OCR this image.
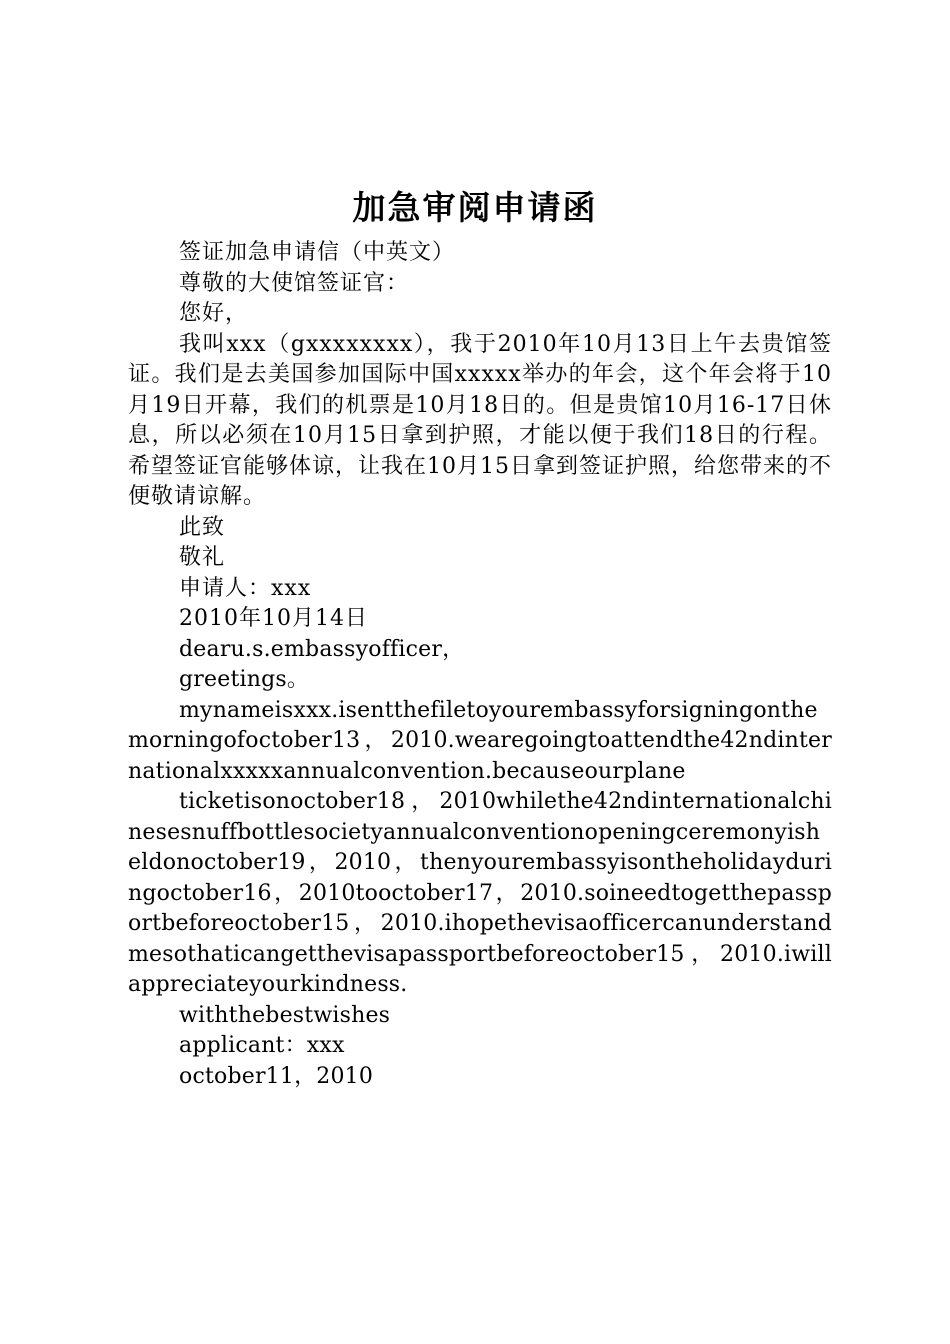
加急审阅申请函

签证加急申请信（中英文）

尊敬的大使馆签证官：

您好，

我叫xxx（gxxxxxxxx），我于2010年10月13日上午去贵馆签证。我们是去美国参加国际中国xxxxx举办的年会，这个年会将于10月19日开幕，我们的机票是10月18日的。但是贵馆10月16-17日休息，所以必须在10月15日拿到护照，才能以便于我们18日的行程。希望签证官能够体谅，让我在10月15日拿到签证护照，给您带来的不便敬请谅解。

此致

敬礼

申请人：xxx

2010年10月14日

dearu.s.embassyofficer，

greetings。

mynameisxxx.isentthefiletoyourembassyforsigningonthemorningofoctober13，2010.wearegoingtoattendthe42ndinternationalxxxxxannualconvention.becauseourplane

ticketisonoctober18，2010whilethe42ndinternationalchinesesnuffbottlesocietyannualconventionopeningceremonyisheldonoctober19，2010，thenyourembassyisontheholidayduringoctober16，2010tooctober17，2010.soineedtogetthepassportbeforeoctober15，2010.ihopethevisaofficercanunderstandmesothaticangetthevisapassportbeforeoctober15，2010.iwillappreciateyourkindness.

withthebestwishes

applicant：xxx

october11，2010
